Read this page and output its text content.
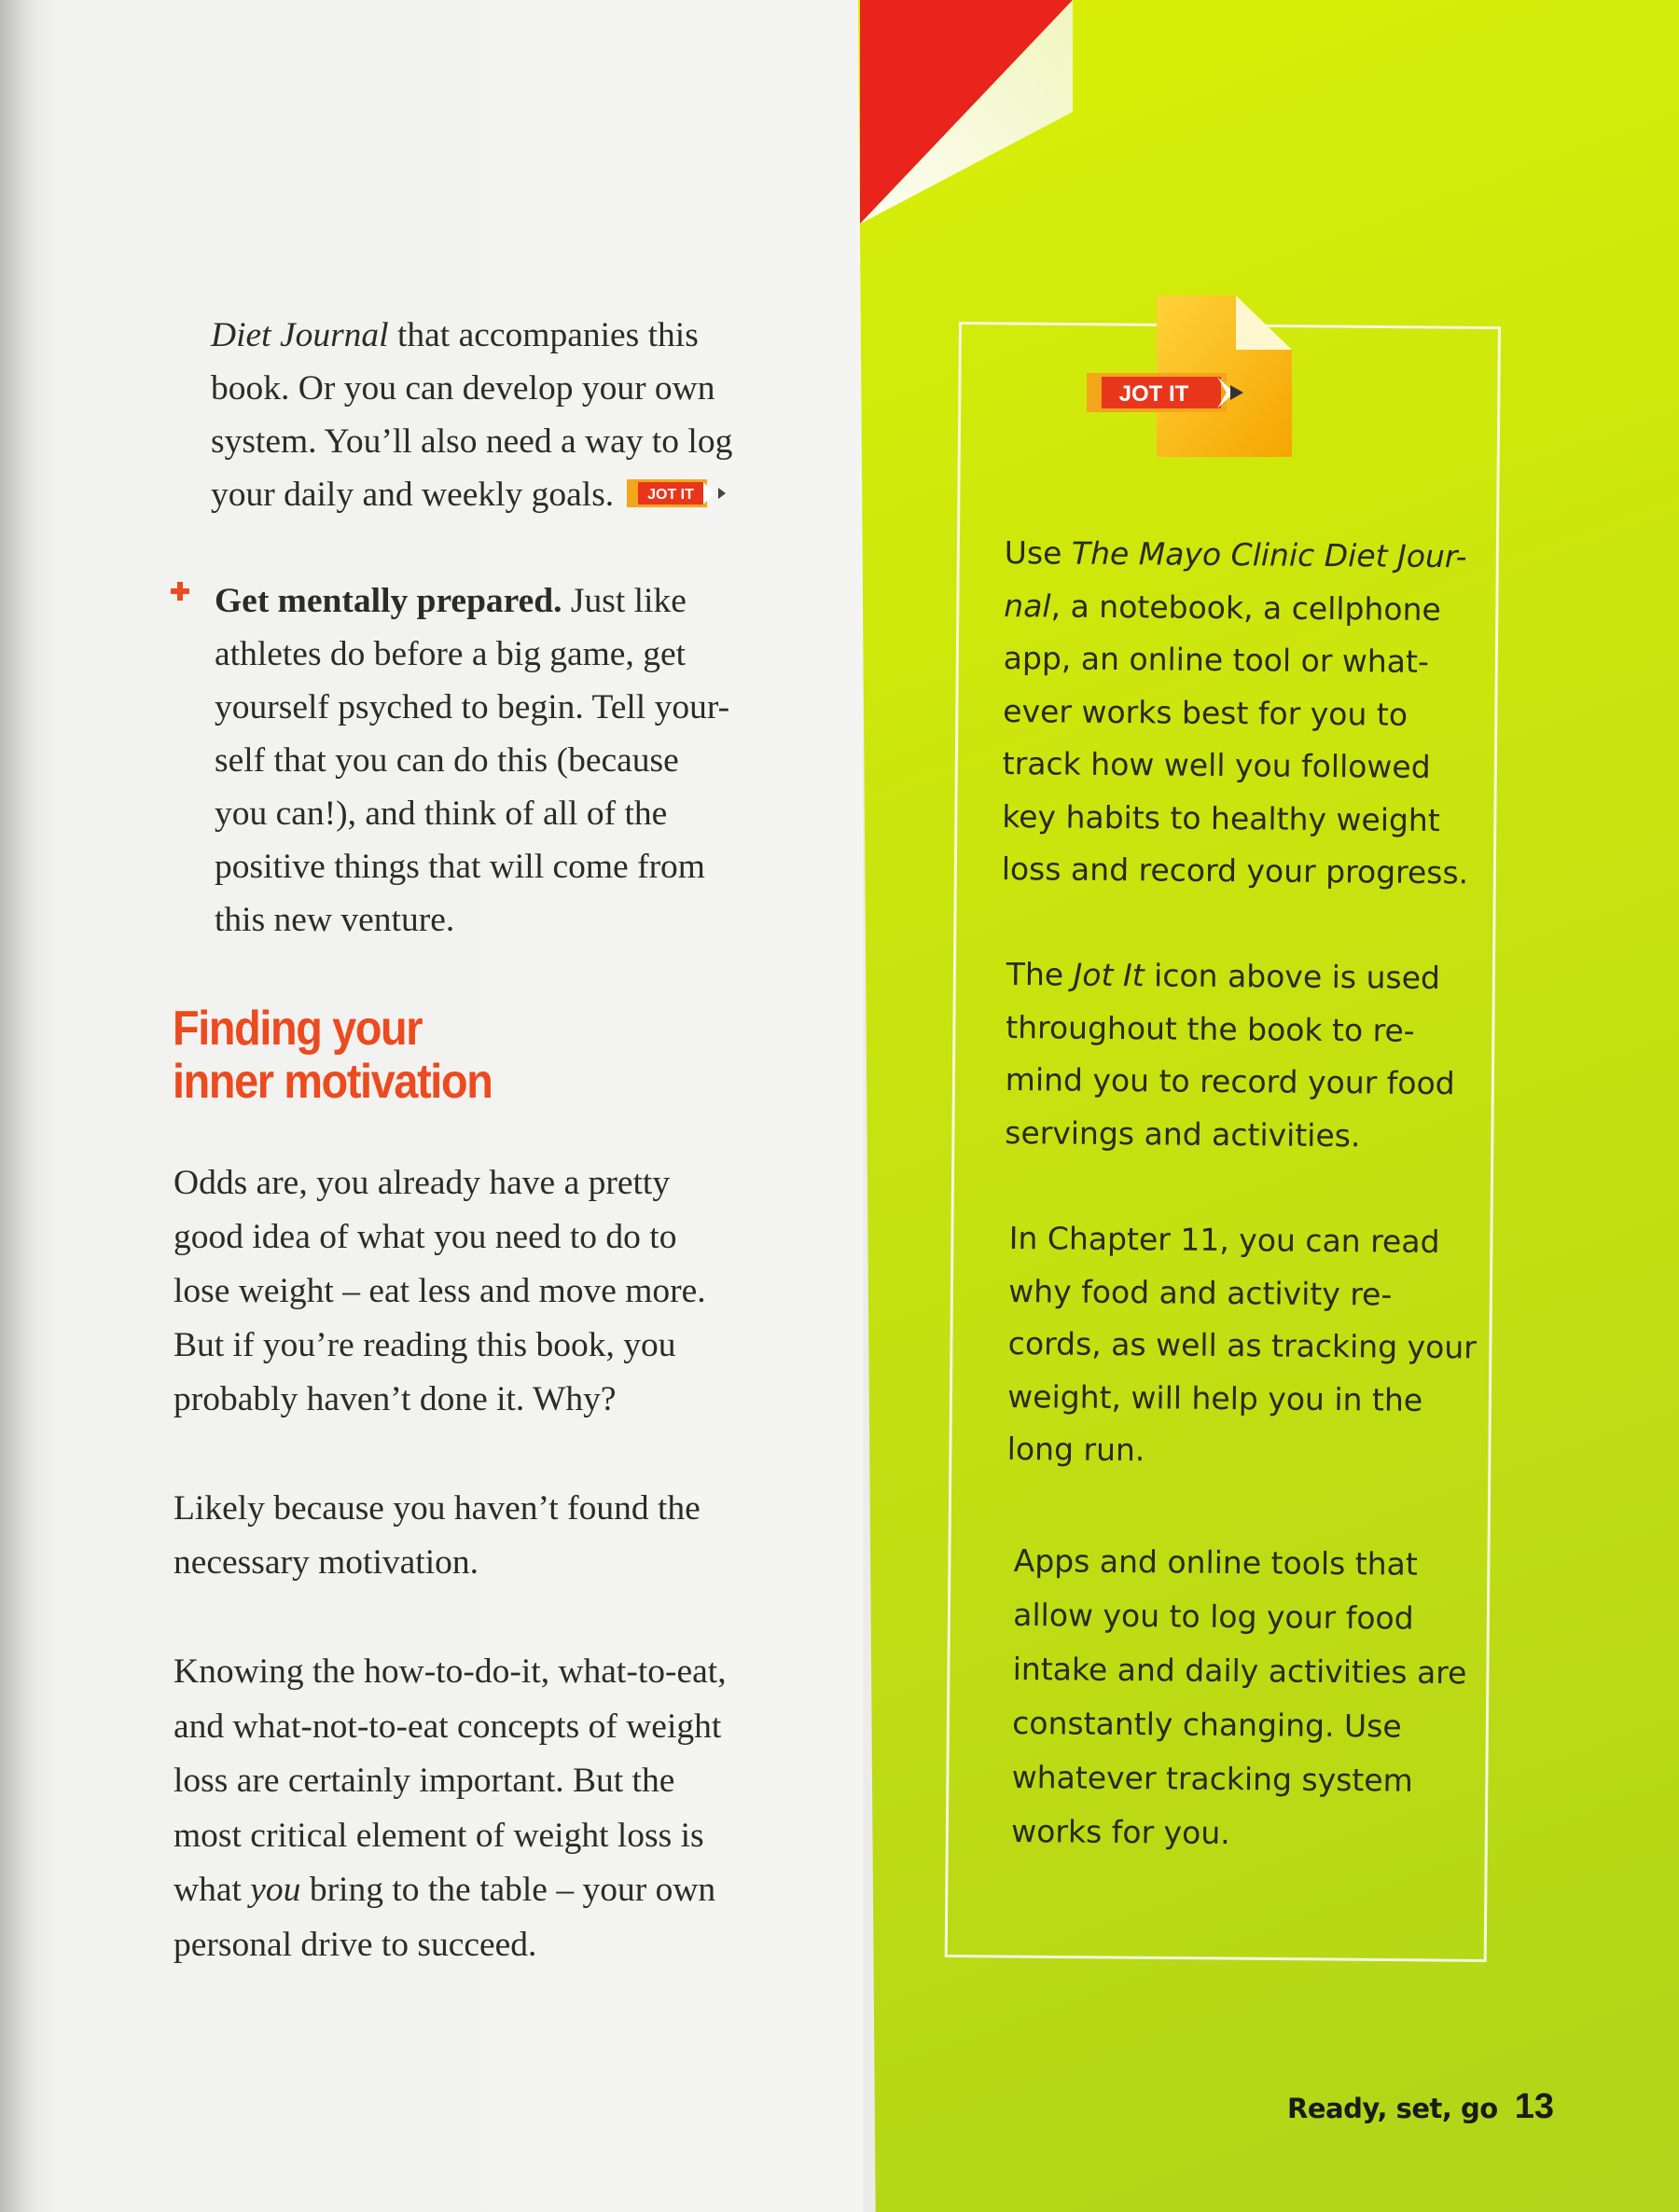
Diet Journal that accompanies this
book. Or you can develop your own
system. You’ll also need a way to log
your daily and weekly goals. JOT IT
Get mentally prepared. Just like
athletes do before a big game, get
yourself psyched to begin. Tell your-
self that you can do this (because
you can!), and think of all of the
positive things that will come from
this new venture.
Finding your
inner motivation
Odds are, you already have a pretty
good idea of what you need to do to
lose weight – eat less and move more.
But if you’re reading this book, you
probably haven’t done it. Why?
Likely because you haven’t found the
necessary motivation.
Knowing the how-to-do-it, what-to-eat,
and what-not-to-eat concepts of weight
loss are certainly important. But the
most critical element of weight loss is
what you bring to the table – your own
personal drive to succeed.
JOT IT
Use The Mayo Clinic Diet Jour-
nal, a notebook, a cellphone
app, an online tool or what-
ever works best for you to
track how well you followed
key habits to healthy weight
loss and record your progress.
The Jot It icon above is used
throughout the book to re-
mind you to record your food
servings and activities.
In Chapter 11, you can read
why food and activity re-
cords, as well as tracking your
weight, will help you in the
long run.
Apps and online tools that
allow you to log your food
intake and daily activities are
constantly changing. Use
whatever tracking system
works for you.
Ready, set, go 13
